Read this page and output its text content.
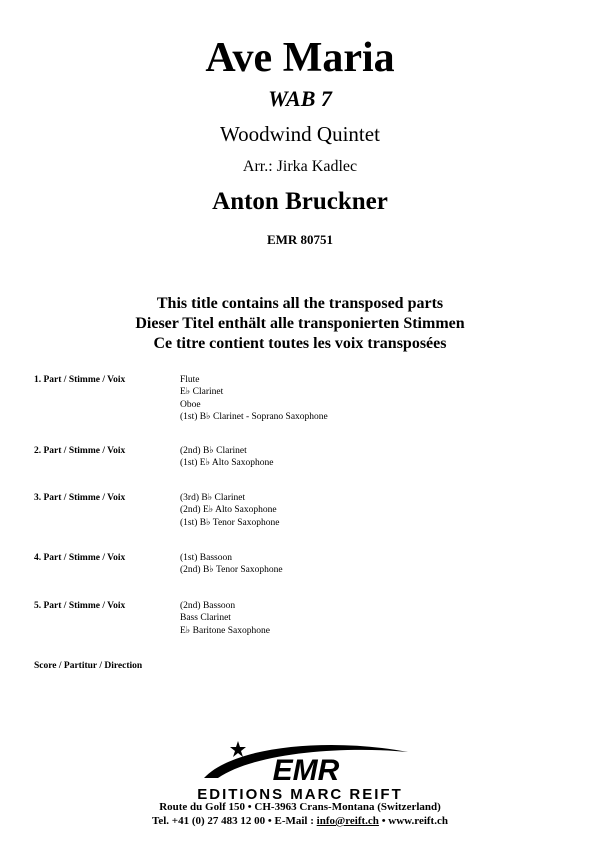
Ave Maria
WAB 7
Woodwind Quintet
Arr.: Jirka Kadlec
Anton Bruckner
EMR 80751
This title contains all the transposed parts
Dieser Titel enthält alle transponierten Stimmen
Ce titre contient toutes les voix transposées
1. Part / Stimme / Voix	Flute
E♭ Clarinet
Oboe
(1st) B♭ Clarinet - Soprano Saxophone
2. Part / Stimme / Voix	(2nd) B♭ Clarinet
(1st) E♭ Alto Saxophone
3. Part / Stimme / Voix	(3rd) B♭ Clarinet
(2nd) E♭ Alto Saxophone
(1st) B♭ Tenor Saxophone
4. Part / Stimme / Voix	(1st) Bassoon
(2nd) B♭ Tenor Saxophone
5. Part / Stimme / Voix	(2nd) Bassoon
Bass Clarinet
E♭ Baritone Saxophone
Score / Partitur / Direction
EMR
EDITIONS MARC REIFT
Route du Golf 150 • CH-3963 Crans-Montana (Switzerland)
Tel. +41 (0) 27 483 12 00 • E-Mail : info@reift.ch • www.reift.ch
